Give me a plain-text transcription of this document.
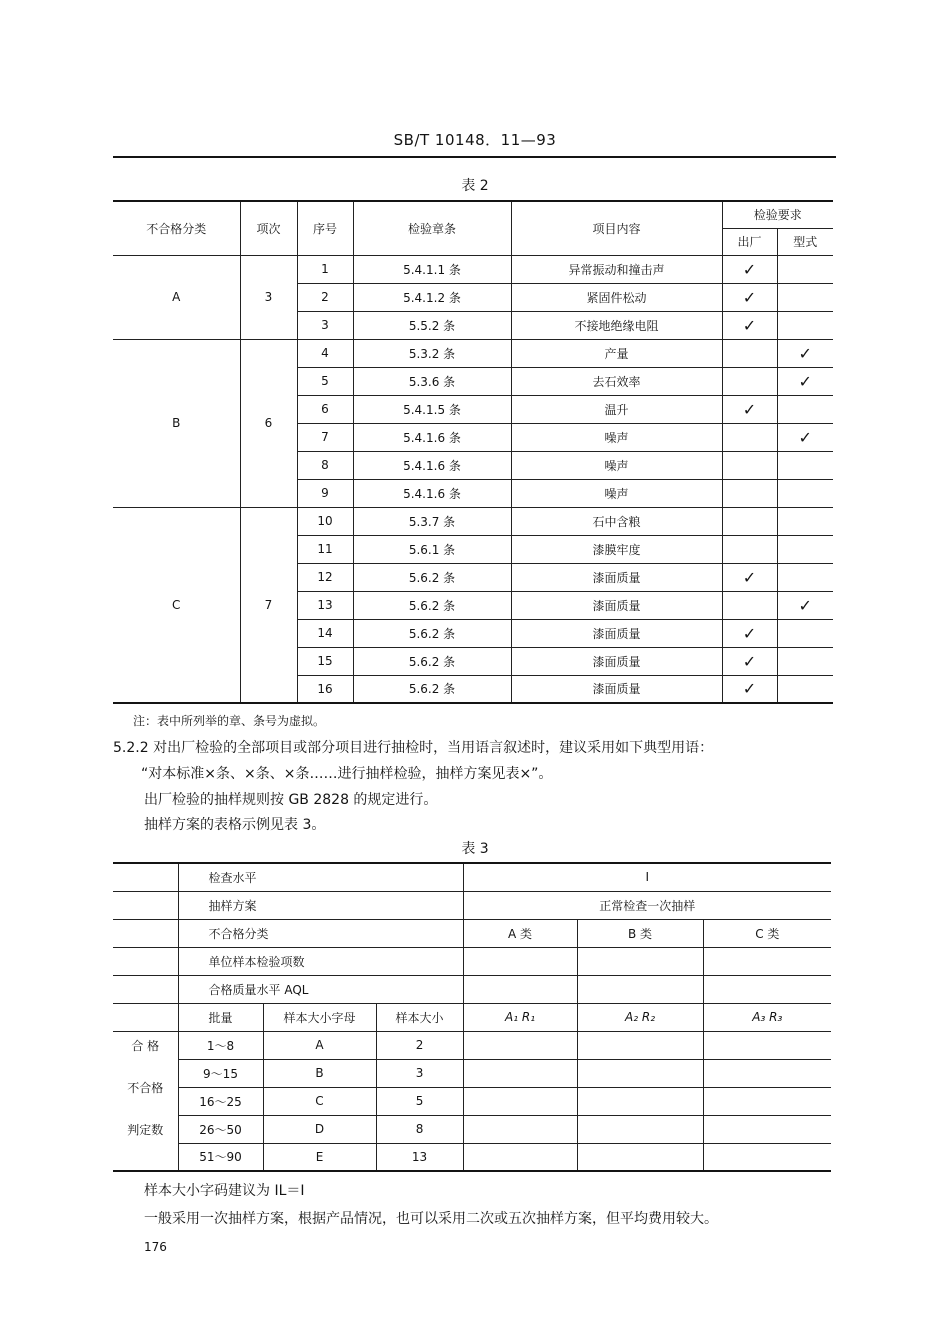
SB/T 10148．11—93
表 2
不合格分类	项次	序号	检验章条	项目内容	检验要求	
					出厂	型式
A	3	1	5.4.1.1 条	异常振动和撞击声	✓	
		2	5.4.1.2 条	紧固件松动	✓	
		3	5.5.2 条	不接地绝缘电阻	✓	
B	6	4	5.3.2 条	产量		✓
		5	5.3.6 条	去石效率		✓
		6	5.4.1.5 条	温升	✓	
		7	5.4.1.6 条	噪声		✓
		8	5.4.1.6 条	噪声		
		9	5.4.1.6 条	噪声		
C	7	10	5.3.7 条	石中含粮		
		11	5.6.1 条	漆膜牢度		
		12	5.6.2 条	漆面质量	✓	
		13	5.6.2 条	漆面质量		✓
		14	5.6.2 条	漆面质量	✓	
		15	5.6.2 条	漆面质量	✓	
		16	5.6.2 条	漆面质量	✓	
注：表中所列举的章、条号为虚拟。
5.2.2 对出厂检验的全部项目或部分项目进行抽检时，当用语言叙述时，建议采用如下典型用语：
“对本标准×条、×条、×条……进行抽样检验，抽样方案见表×”。
出厂检验的抽样规则按 GB 2828 的规定进行。
抽样方案的表格示例见表 3。
表 3
	检查水平			Ⅰ		
	抽样方案			正常检查一次抽样		
	不合格分类			A 类	B 类	C 类
	单位样本检验项数					
	合格质量水平 AQL					
	批量	样本大小字母	样本大小	A₁ R₁	A₂ R₂	A₃ R₃
合 格	1～8	A	2			
不合格	9～15	B	3			
	16～25	C	5			
判定数	26～50	D	8			
	51～90	E	13			
样本大小字码建议为 IL＝Ⅰ
一般采用一次抽样方案，根据产品情况，也可以采用二次或五次抽样方案，但平均费用较大。
176
